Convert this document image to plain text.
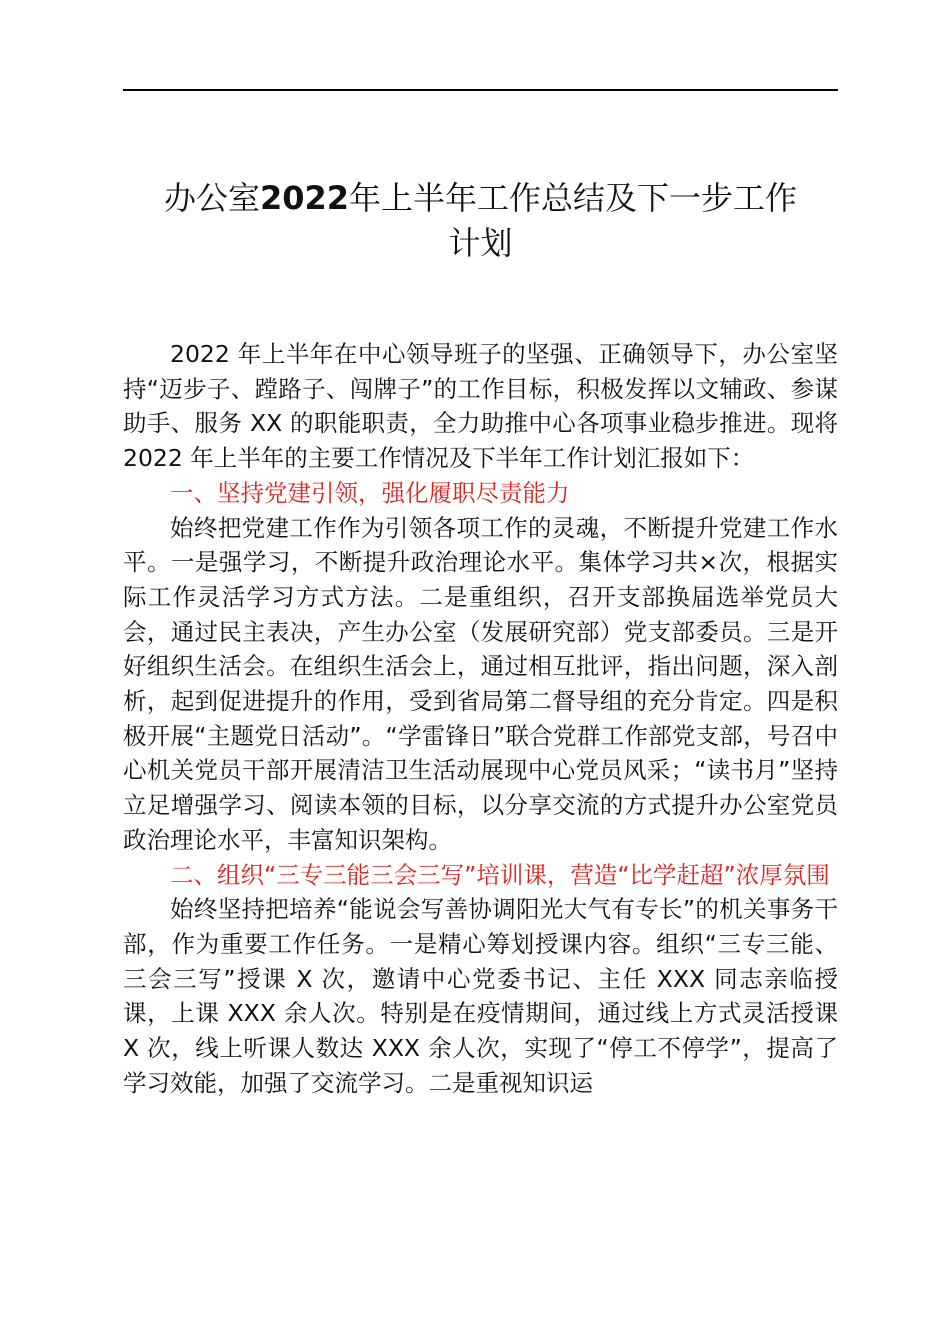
办公室2022年上半年工作总结及下一步工作
计划

2022 年上半年在中心领导班子的坚强、正确领导下，办公室坚持“迈步子、蹚路子、闯牌子”的工作目标，积极发挥以文辅政、参谋助手、服务 XX 的职能职责，全力助推中心各项事业稳步推进。现将 2022 年上半年的主要工作情况及下半年工作计划汇报如下：

一、坚持党建引领，强化履职尽责能力

始终把党建工作作为引领各项工作的灵魂，不断提升党建工作水平。一是强学习，不断提升政治理论水平。集体学习共×次，根据实际工作灵活学习方式方法。二是重组织，召开支部换届选举党员大会，通过民主表决，产生办公室（发展研究部）党支部委员。三是开好组织生活会。在组织生活会上，通过相互批评，指出问题，深入剖析，起到促进提升的作用，受到省局第二督导组的充分肯定。四是积极开展“主题党日活动”。“学雷锋日”联合党群工作部党支部，号召中心机关党员干部开展清洁卫生活动展现中心党员风采；“读书月”坚持立足增强学习、阅读本领的目标，以分享交流的方式提升办公室党员政治理论水平，丰富知识架构。

二、组织“三专三能三会三写”培训课，营造“比学赶超”浓厚氛围

始终坚持把培养“能说会写善协调阳光大气有专长”的机关事务干部，作为重要工作任务。一是精心筹划授课内容。组织“三专三能、三会三写”授课 X 次，邀请中心党委书记、主任 XXX 同志亲临授课，上课 XXX 余人次。特别是在疫情期间，通过线上方式灵活授课 X 次，线上听课人数达 XXX 余人次，实现了“停工不停学”，提高了学习效能，加强了交流学习。二是重视知识运
